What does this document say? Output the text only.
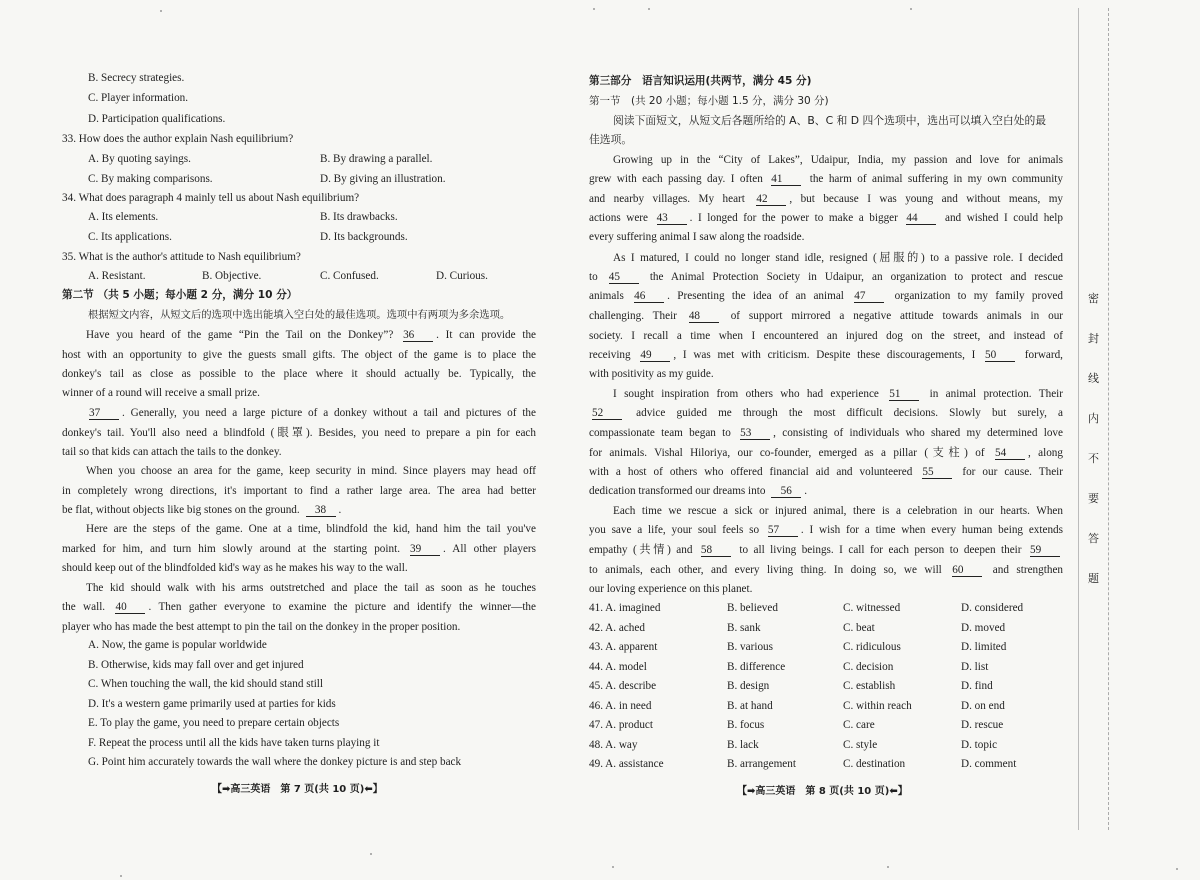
B. Secrecy strategies.
C. Player information.
D. Participation qualifications.
33. How does the author explain Nash equilibrium?
A. By quoting sayings.	B. By drawing a parallel.
C. By making comparisons.	D. By giving an illustration.
34. What does paragraph 4 mainly tell us about Nash equilibrium?
A. Its elements.	B. Its drawbacks.
C. Its applications.	D. Its backgrounds.
35. What is the author's attitude to Nash equilibrium?
A. Resistant.	B. Objective.	C. Confused.	D. Curious.
第二节 （共 5 小题；每小题 2 分，满分 10 分）
根据短文内容，从短文后的选项中选出能填入空白处的最佳选项。选项中有两项为多余选项。
Have you heard of the game “Pin the Tail on the Donkey”? 36 . It can provide the
host with an opportunity to give the guests small gifts. The object of the game is to place the
donkey's tail as close as possible to the place where it should actually be. Typically, the
winner of a round will receive a small prize.
37 . Generally, you need a large picture of a donkey without a tail and pictures of the
donkey's tail. You'll also need a blindfold (眼罩). Besides, you need to prepare a pin for each
tail so that kids can attach the tails to the donkey.
When you choose an area for the game, keep security in mind. Since players may head off
in completely wrong directions, it's important to find a rather large area. The area had better
be flat, without objects like big stones on the ground. 38 .
Here are the steps of the game. One at a time, blindfold the kid, hand him the tail you've
marked for him, and turn him slowly around at the starting point. 39 . All other players
should keep out of the blindfolded kid's way as he makes his way to the wall.
The kid should walk with his arms outstretched and place the tail as soon as he touches
the wall. 40 . Then gather everyone to examine the picture and identify the winner—the
player who has made the best attempt to pin the tail on the donkey in the proper position.
A. Now, the game is popular worldwide
B. Otherwise, kids may fall over and get injured
C. When touching the wall, the kid should stand still
D. It's a western game primarily used at parties for kids
E. To play the game, you need to prepare certain objects
F. Repeat the process until all the kids have taken turns playing it
G. Point him accurately towards the wall where the donkey picture is and step back
【➡高三英语　第 7 页(共 10 页)⬅】
第三部分　语言知识运用(共两节，满分 45 分)
第一节　(共 20 小题；每小题 1.5 分，满分 30 分)
阅读下面短文，从短文后各题所给的 A、B、C 和 D 四个选项中，选出可以填入空白处的最
佳选项。
Growing up in the “City of Lakes”, Udaipur, India, my passion and love for animals
grew with each passing day. I often 41 the harm of animal suffering in my own community
and nearby villages. My heart 42 , but because I was young and without means, my
actions were 43 . I longed for the power to make a bigger 44 and wished I could help
every suffering animal I saw along the roadside.
As I matured, I could no longer stand idle, resigned (屈服的) to a passive role. I decided
to 45 the Animal Protection Society in Udaipur, an organization to protect and rescue
animals 46 . Presenting the idea of an animal 47 organization to my family proved
challenging. Their 48 of support mirrored a negative attitude towards animals in our
society. I recall a time when I encountered an injured dog on the street, and instead of
receiving 49 , I was met with criticism. Despite these discouragements, I 50 forward,
with positivity as my guide.
I sought inspiration from others who had experience 51 in animal protection. Their
52 advice guided me through the most difficult decisions. Slowly but surely, a
compassionate team began to 53 , consisting of individuals who shared my determined love
for animals. Vishal Hiloriya, our co-founder, emerged as a pillar (支柱) of 54 , along
with a host of others who offered financial aid and volunteered 55 for our cause. Their
dedication transformed our dreams into 56 .
Each time we rescue a sick or injured animal, there is a celebration in our hearts. When
you save a life, your soul feels so 57 . I wish for a time when every human being extends
empathy (共情) and 58 to all living beings. I call for each person to deepen their 59
to animals, each other, and every living thing. In doing so, we will 60 and strengthen
our loving experience on this planet.
41. A. imagined	B. believed	C. witnessed	D. considered
42. A. ached	B. sank	C. beat	D. moved
43. A. apparent	B. various	C. ridiculous	D. limited
44. A. model	B. difference	C. decision	D. list
45. A. describe	B. design	C. establish	D. find
46. A. in need	B. at hand	C. within reach	D. on end
47. A. product	B. focus	C. care	D. rescue
48. A. way	B. lack	C. style	D. topic
49. A. assistance	B. arrangement	C. destination	D. comment
【➡高三英语　第 8 页(共 10 页)⬅】
密
封
线
内
不
要
答
题
